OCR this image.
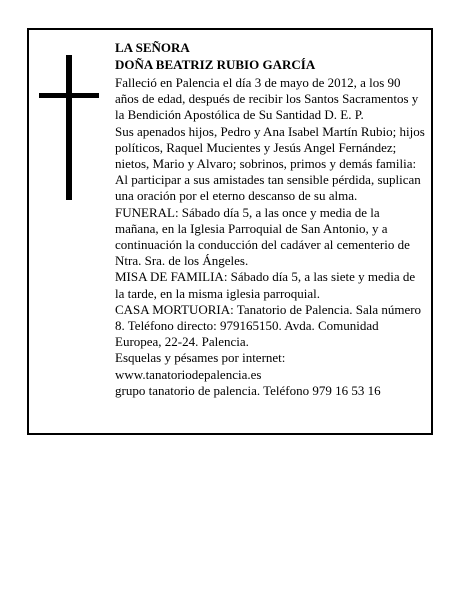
LA SEÑORA

DOÑA BEATRIZ RUBIO GARCÍA

Falleció en Palencia el día 3 de mayo de 2012, a los 90 años de edad, después de recibir los Santos Sacramentos y la Bendición Apostólica de Su Santidad D. E. P.

Sus apenados hijos, Pedro y Ana Isabel Martín Rubio; hijos políticos, Raquel Mucientes y Jesús Angel Fernández; nietos, Mario y Alvaro; sobrinos, primos y demás familia:

Al participar a sus amistades tan sensible pérdida, suplican una oración por el eterno descanso de su alma.

FUNERAL: Sábado día 5, a las once y media de la mañana, en la Iglesia Parroquial de San Antonio, y a continuación la conducción del cadáver al cementerio de Ntra. Sra. de los Ángeles.

MISA DE FAMILIA: Sábado día 5, a las siete y media de la tarde, en la misma iglesia parroquial.

CASA MORTUORIA: Tanatorio de Palencia. Sala número 8. Teléfono directo: 979165150. Avda. Comunidad Europea, 22-24. Palencia.

Esquelas y pésames por internet:

www.tanatoriodepalencia.es

grupo tanatorio de palencia. Teléfono 979 16 53 16
